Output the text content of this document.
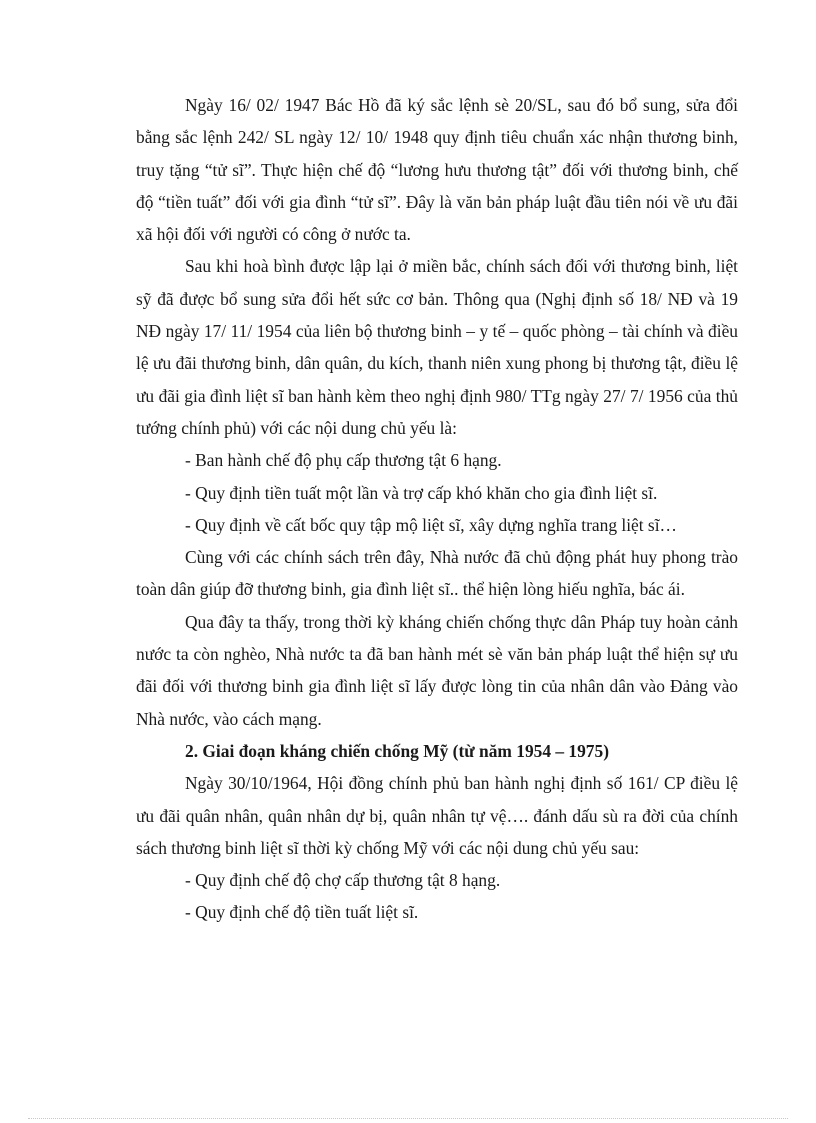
Ngày 16/ 02/ 1947 Bác Hồ đã ký sắc lệnh sè 20/SL, sau đó bổ sung, sửa đổi bằng sắc lệnh 242/ SL ngày 12/ 10/ 1948 quy định tiêu chuẩn xác nhận thương binh, truy tặng “tử sĩ”. Thực hiện chế độ “lương hưu thương tật” đối với thương binh, chế độ “tiền tuất” đối với gia đình “tử sĩ”. Đây là văn bản pháp luật đầu tiên nói về ưu đãi xã hội đối với người có công ở nước ta.

Sau khi hoà bình được lập lại ở miền bắc, chính sách đối với thương binh, liệt sỹ đã được bổ sung sửa đổi hết sức cơ bản. Thông qua (Nghị định số 18/ NĐ và 19 NĐ ngày 17/ 11/ 1954 của liên bộ thương binh – y tế – quốc phòng – tài chính và điều lệ ưu đãi thương binh, dân quân, du kích, thanh niên xung phong bị thương tật, điều lệ ưu đãi gia đình liệt sĩ ban hành kèm theo nghị định 980/ TTg ngày 27/ 7/ 1956 của thủ tướng chính phủ) với các nội dung chủ yếu là:

- Ban hành chế độ phụ cấp thương tật 6 hạng.

- Quy định tiền tuất một lần và trợ cấp khó khăn cho gia đình liệt sĩ.

- Quy định về cất bốc quy tập mộ liệt sĩ, xây dựng nghĩa trang liệt sĩ…

Cùng với các chính sách trên đây, Nhà nước đã chủ động phát huy phong trào toàn dân giúp đỡ thương binh, gia đình liệt sĩ.. thể hiện lòng hiếu nghĩa, bác ái.

Qua đây ta thấy, trong thời kỳ kháng chiến chống thực dân Pháp tuy hoàn cảnh nước ta còn nghèo, Nhà nước ta đã ban hành mét sè văn bản pháp luật thể hiện sự ưu đãi đối với thương binh gia đình liệt sĩ lấy được lòng tin của nhân dân vào Đảng vào Nhà nước, vào cách mạng.

2. Giai đoạn kháng chiến chống Mỹ (từ năm 1954 – 1975)

Ngày 30/10/1964, Hội đồng chính phủ ban hành nghị định số 161/ CP điều lệ ưu đãi quân nhân, quân nhân dự bị, quân nhân tự vệ…. đánh dấu sù ra đời của chính sách thương binh liệt sĩ thời kỳ chống Mỹ với các nội dung chủ yếu sau:

- Quy định chế độ chợ cấp thương tật 8 hạng.

- Quy định chế độ tiền tuất liệt sĩ.
